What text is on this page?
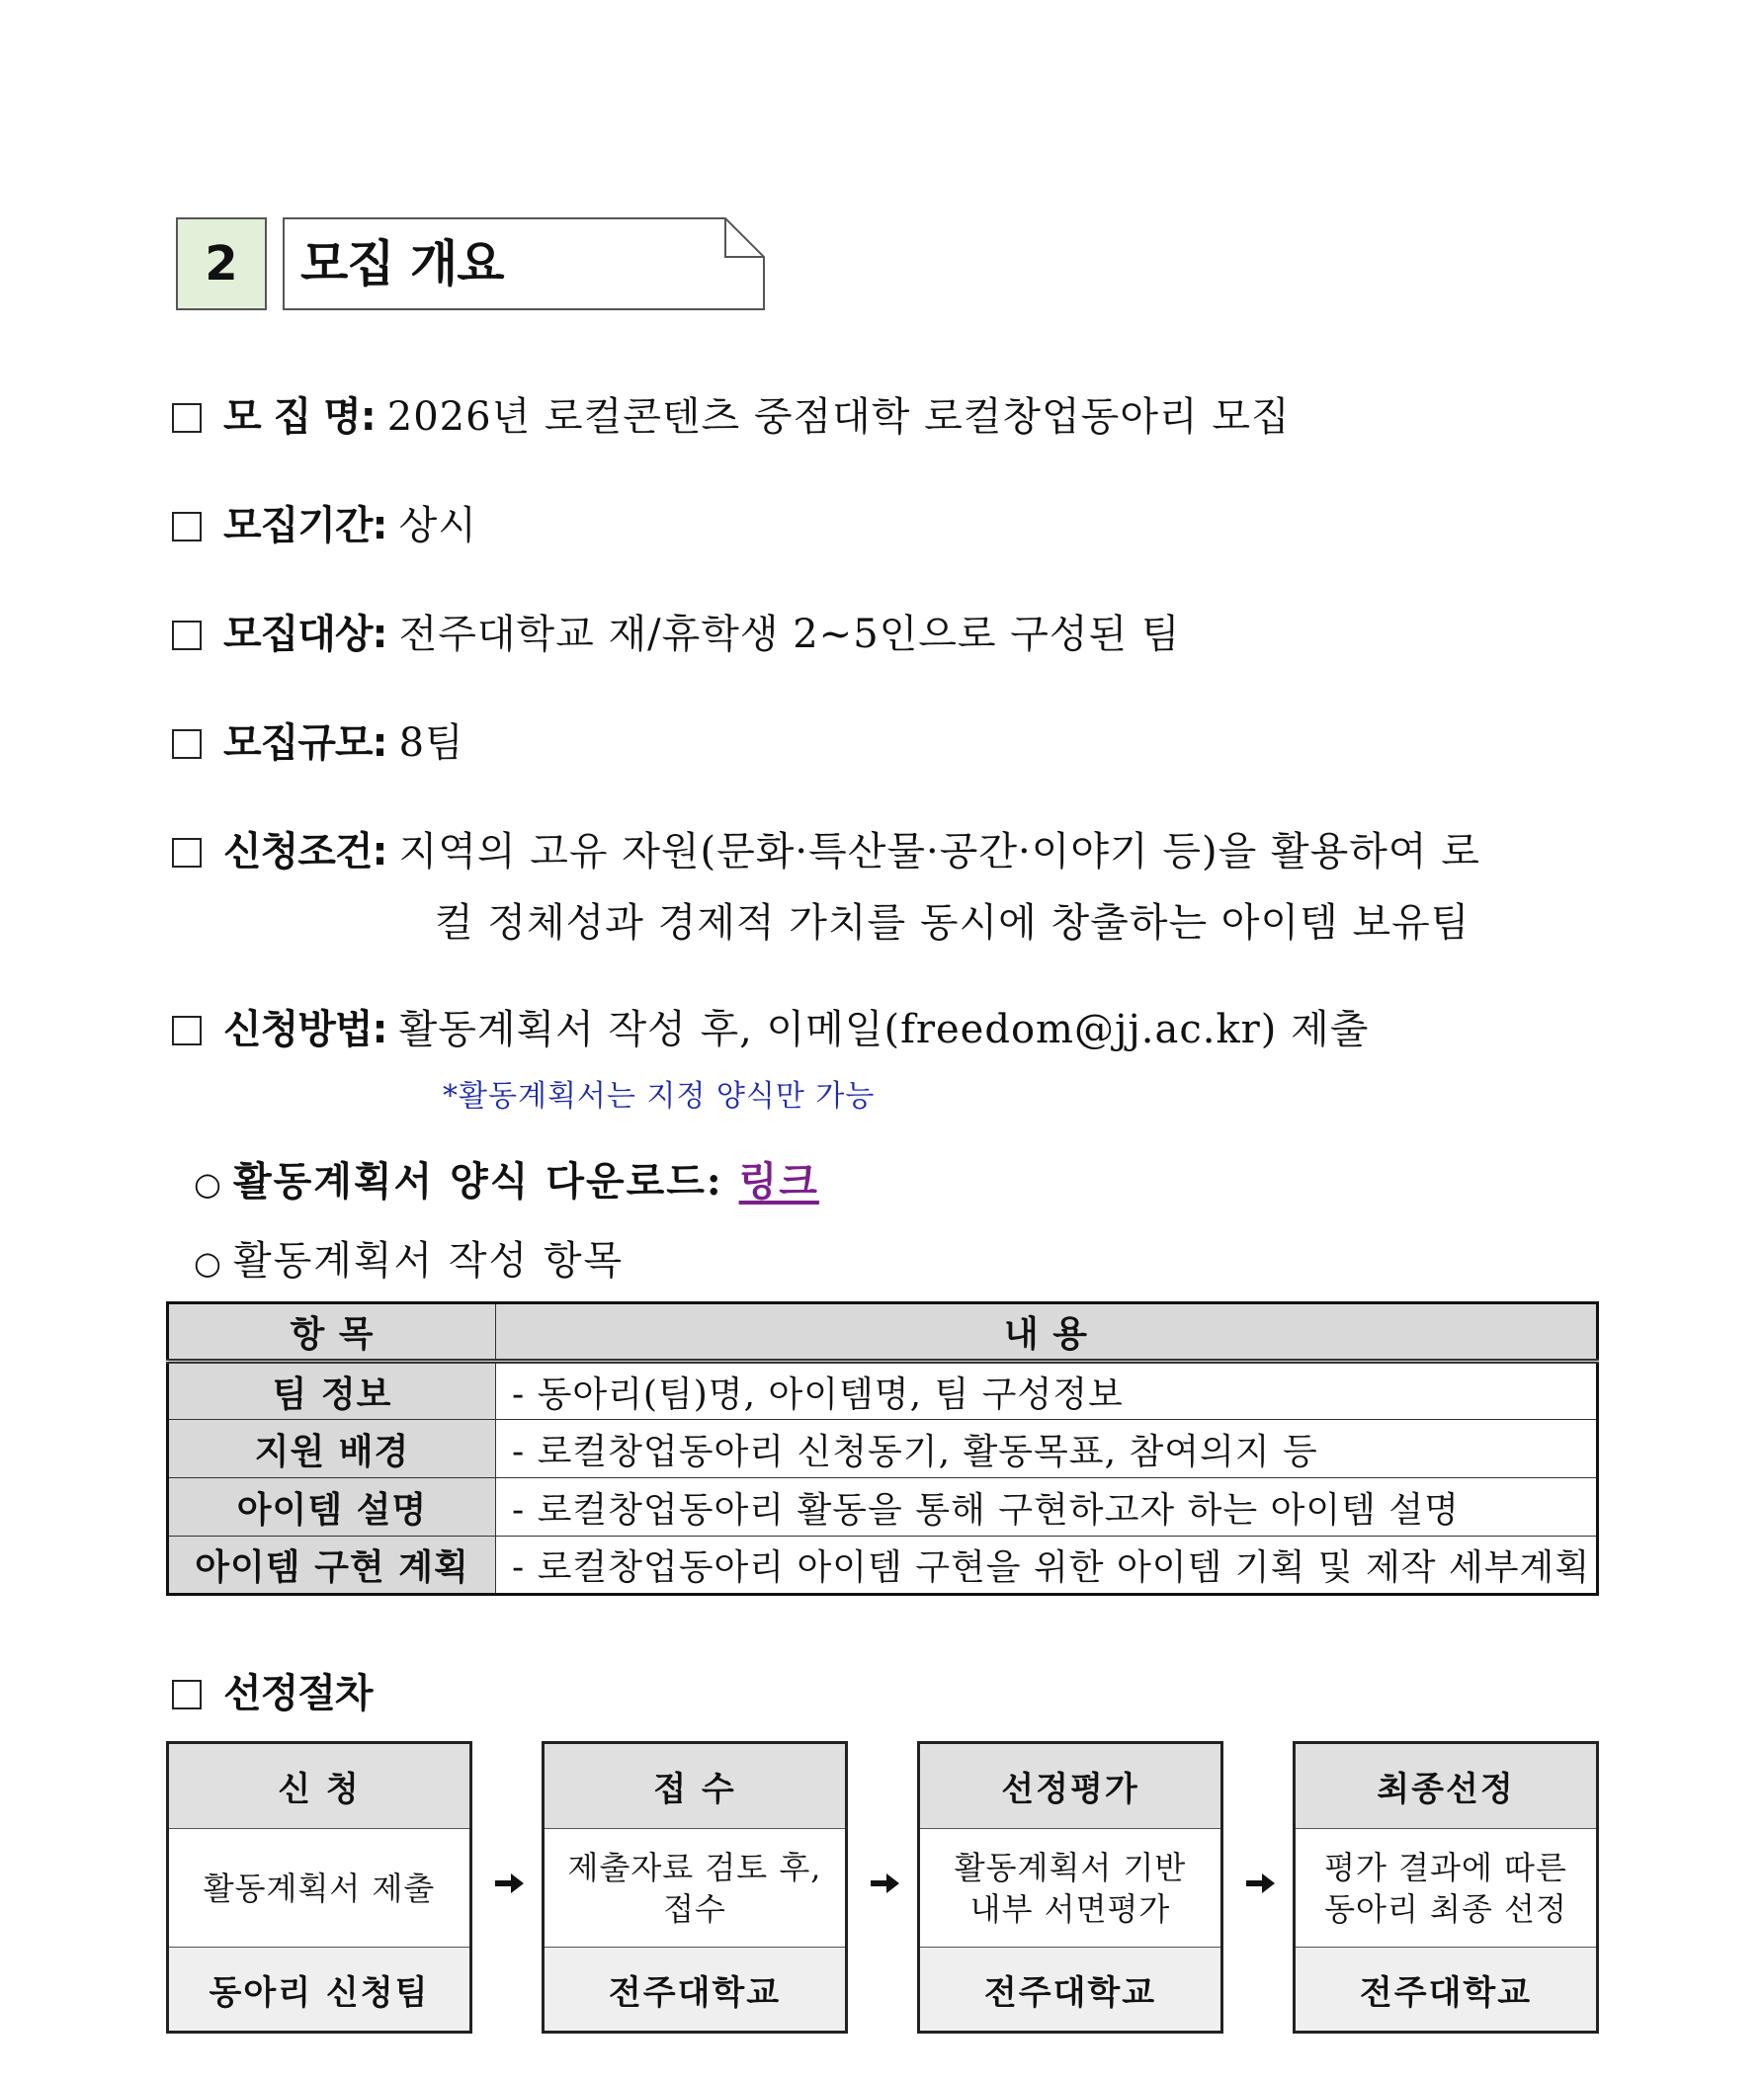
2	모집 개요
모 집 명: 2026년 로컬콘텐츠 중점대학 로컬창업동아리 모집
모집기간: 상시
모집대상: 전주대학교 재/휴학생 2~5인으로 구성된 팀
모집규모: 8팀
신청조건: 지역의 고유 자원(문화·특산물·공간·이야기 등)을 활용하여 로
컬 정체성과 경제적 가치를 동시에 창출하는 아이템 보유팀
신청방법: 활동계획서 작성 후, 이메일(freedom@jj.ac.kr) 제출
*활동계획서는 지정 양식만 가능
○ 활동계획서 양식 다운로드: 링크
○ 활동계획서 작성 항목
항 목	내 용
팀 정보	- 동아리(팀)명, 아이템명, 팀 구성정보
지원 배경	- 로컬창업동아리 신청동기, 활동목표, 참여의지 등
아이템 설명	- 로컬창업동아리 활동을 통해 구현하고자 하는 아이템 설명
아이템 구현 계획	- 로컬창업동아리 아이템 구현을 위한 아이템 기획 및 제작 세부계획
선정절차
신 청
활동계획서 제출
동아리 신청팀
접 수
제출자료 검토 후,
접수
전주대학교
선정평가
활동계획서 기반
내부 서면평가
전주대학교
최종선정
평가 결과에 따른
동아리 최종 선정
전주대학교
